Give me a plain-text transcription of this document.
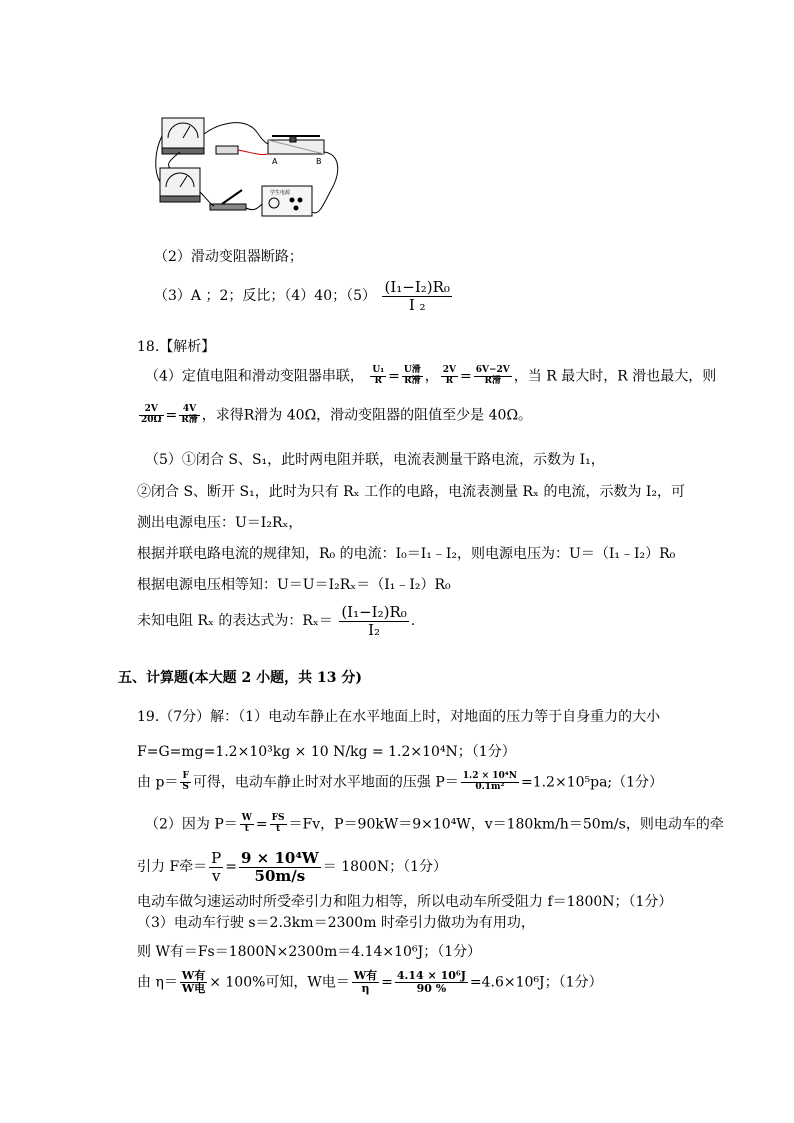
A	B
学生电源
（2）滑动变阻器断路；
（3）A ；2；反比；（4）40；$(5) \frac{\text{(I₁−I₂)R₀}}{\text{I ₂}}$
18.【解析】
（4）定值电阻和滑动变阻器串联， $\frac{\text{U₁}}{R} = \frac{\text{U滑}}{\text{R滑}}$ ， $\frac{2V}{R} = \frac{6V-2V}{\text{R滑}}$ ，当 R 最大时，R 滑也最大，则
$\frac{2V}{20\Omega} = \frac{4V}{\text{R滑}}$ ，求得R滑为 40Ω，滑动变阻器的阻值至少是 40Ω。
（5）①闭合 S、S₁，此时两电阻并联，电流表测量干路电流，示数为 I₁，
②闭合 S、断开 S₁，此时为只有 Rₓ 工作的电路，电流表测量 Rₓ 的电流，示数为 I₂，可
测出电源电压：U＝I₂Rₓ，
根据并联电路电流的规律知，R₀ 的电流：I₀＝I₁﹣I₂，则电源电压为：U＝（I₁﹣I₂）R₀
根据电源电压相等知：U＝U＝I₂Rₓ＝（I₁﹣I₂）R₀
未知电阻 Rₓ 的表达式为：$R_x= \frac{\text{(I₁−I₂)R₀}}{\text{I₂}}$ .
五、计算题(本大题 2 小题，共 13 分)
19.（7分）解：（1）电动车静止在水平地面上时，对地面的压力等于自身重力的大小
F=G=mg=1.2×10³kg × 10 N/kg = 1.2×10⁴N；（1分）
由 $p= \frac{F}{S}$ 可得，电动车静止时对水平地面的压强 $P= \frac{\text{1.2 × 10⁴N}}{\text{0.1m²}}$ =1.2×10⁵pa;（1分）
（2）因为 $P= \frac{W}{t} = \frac{FS}{t} =Fv$，P＝90kW＝9×10⁴W，v＝180km/h＝50m/s，则电动车的牵
引力 F牵＝ $\frac{P}{v} = \frac{\text{9 × 10⁴W}}{50m/s} = 1800N$；（1分）
电动车做匀速运动时所受牵引力和阻力相等，所以电动车所受阻力 f＝1800N；（1分）
（3）电动车行驶 s＝2.3km＝2300m 时牵引力做功为有用功，
则 W有＝Fs＝1800N×2300m＝4.14×10⁶J；（1分）
由 $\eta= \frac{\text{W有}}{\text{W电}} \times 100\%$可知，W电＝ $\frac{\text{W有}}{\eta} = \frac{\text{4.14 × 10⁶J}}{90 \%} =4.6\times 10^6J$；（1分）
